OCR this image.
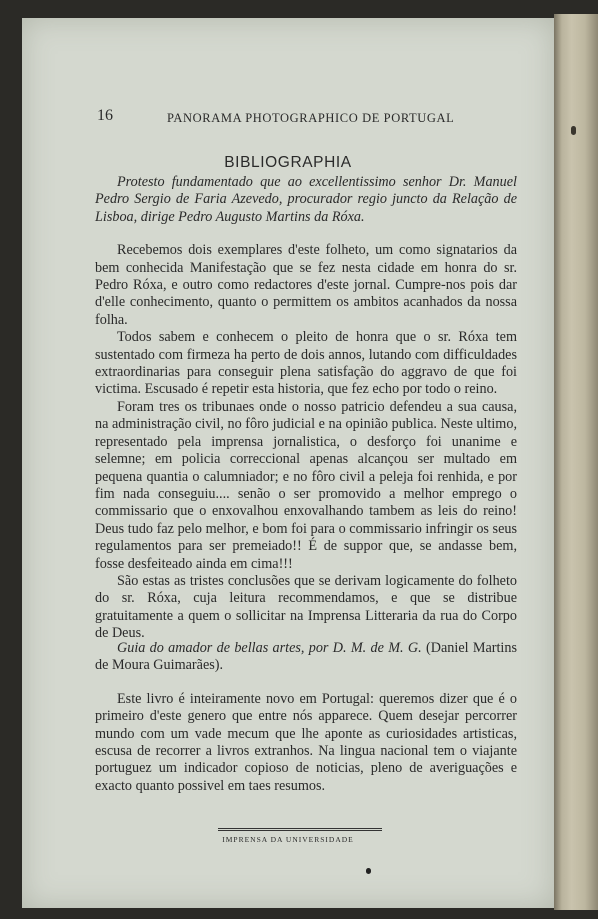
16	PANORAMA PHOTOGRAPHICO DE PORTUGAL
BIBLIOGRAPHIA

Protesto fundamentado que ao excellentissimo senhor Dr. Manuel Pedro Sergio de Faria Azevedo, procurador regio juncto da Relação de Lisboa, dirige Pedro Augusto Martins da Róxa.

Recebemos dois exemplares d'este folheto, um como signatarios da bem conhecida Manifestação que se fez nesta cidade em honra do sr. Pedro Róxa, e outro como redactores d'este jornal. Cumpre-nos pois dar d'elle conhecimento, quanto o permittem os ambitos acanhados da nossa folha.

Todos sabem e conhecem o pleito de honra que o sr. Róxa tem sustentado com firmeza ha perto de dois annos, lutando com difficuldades extraordinarias para conseguir plena satisfação do aggravo de que foi victima. Escusado é repetir esta historia, que fez echo por todo o reino.

Foram tres os tribunaes onde o nosso patricio defendeu a sua causa, na administração civil, no fôro judicial e na opinião publica. Neste ultimo, representado pela imprensa jornalistica, o desforço foi unanime e selemne; em policia correccional apenas alcançou ser multado em pequena quantia o calumniador; e no fôro civil a peleja foi renhida, e por fim nada conseguiu.... senão o ser promovido a melhor emprego o commissario que o enxovalhou enxovalhando tambem as leis do reino! Deus tudo faz pelo melhor, e bom foi para o commissario infringir os seus regulamentos para ser premeiado!! É de suppor que, se andasse bem, fosse desfeiteado ainda em cima!!!

São estas as tristes conclusões que se derivam logicamente do folheto do sr. Róxa, cuja leitura recommendamos, e que se distribue gratuitamente a quem o sollicitar na Imprensa Litteraria da rua do Corpo de Deus.

Guia do amador de bellas artes, por D. M. de M. G. (Daniel Martins de Moura Guimarães).

Este livro é inteiramente novo em Portugal: queremos dizer que é o primeiro d'este genero que entre nós apparece. Quem desejar percorrer mundo com um vade mecum que lhe aponte as curiosidades artisticas, escusa de recorrer a livros extranhos. Na lingua nacional tem o viajante portuguez um indicador copioso de noticias, pleno de averiguações e exacto quanto possivel em taes resumos.

IMPRENSA DA UNIVERSIDADE
